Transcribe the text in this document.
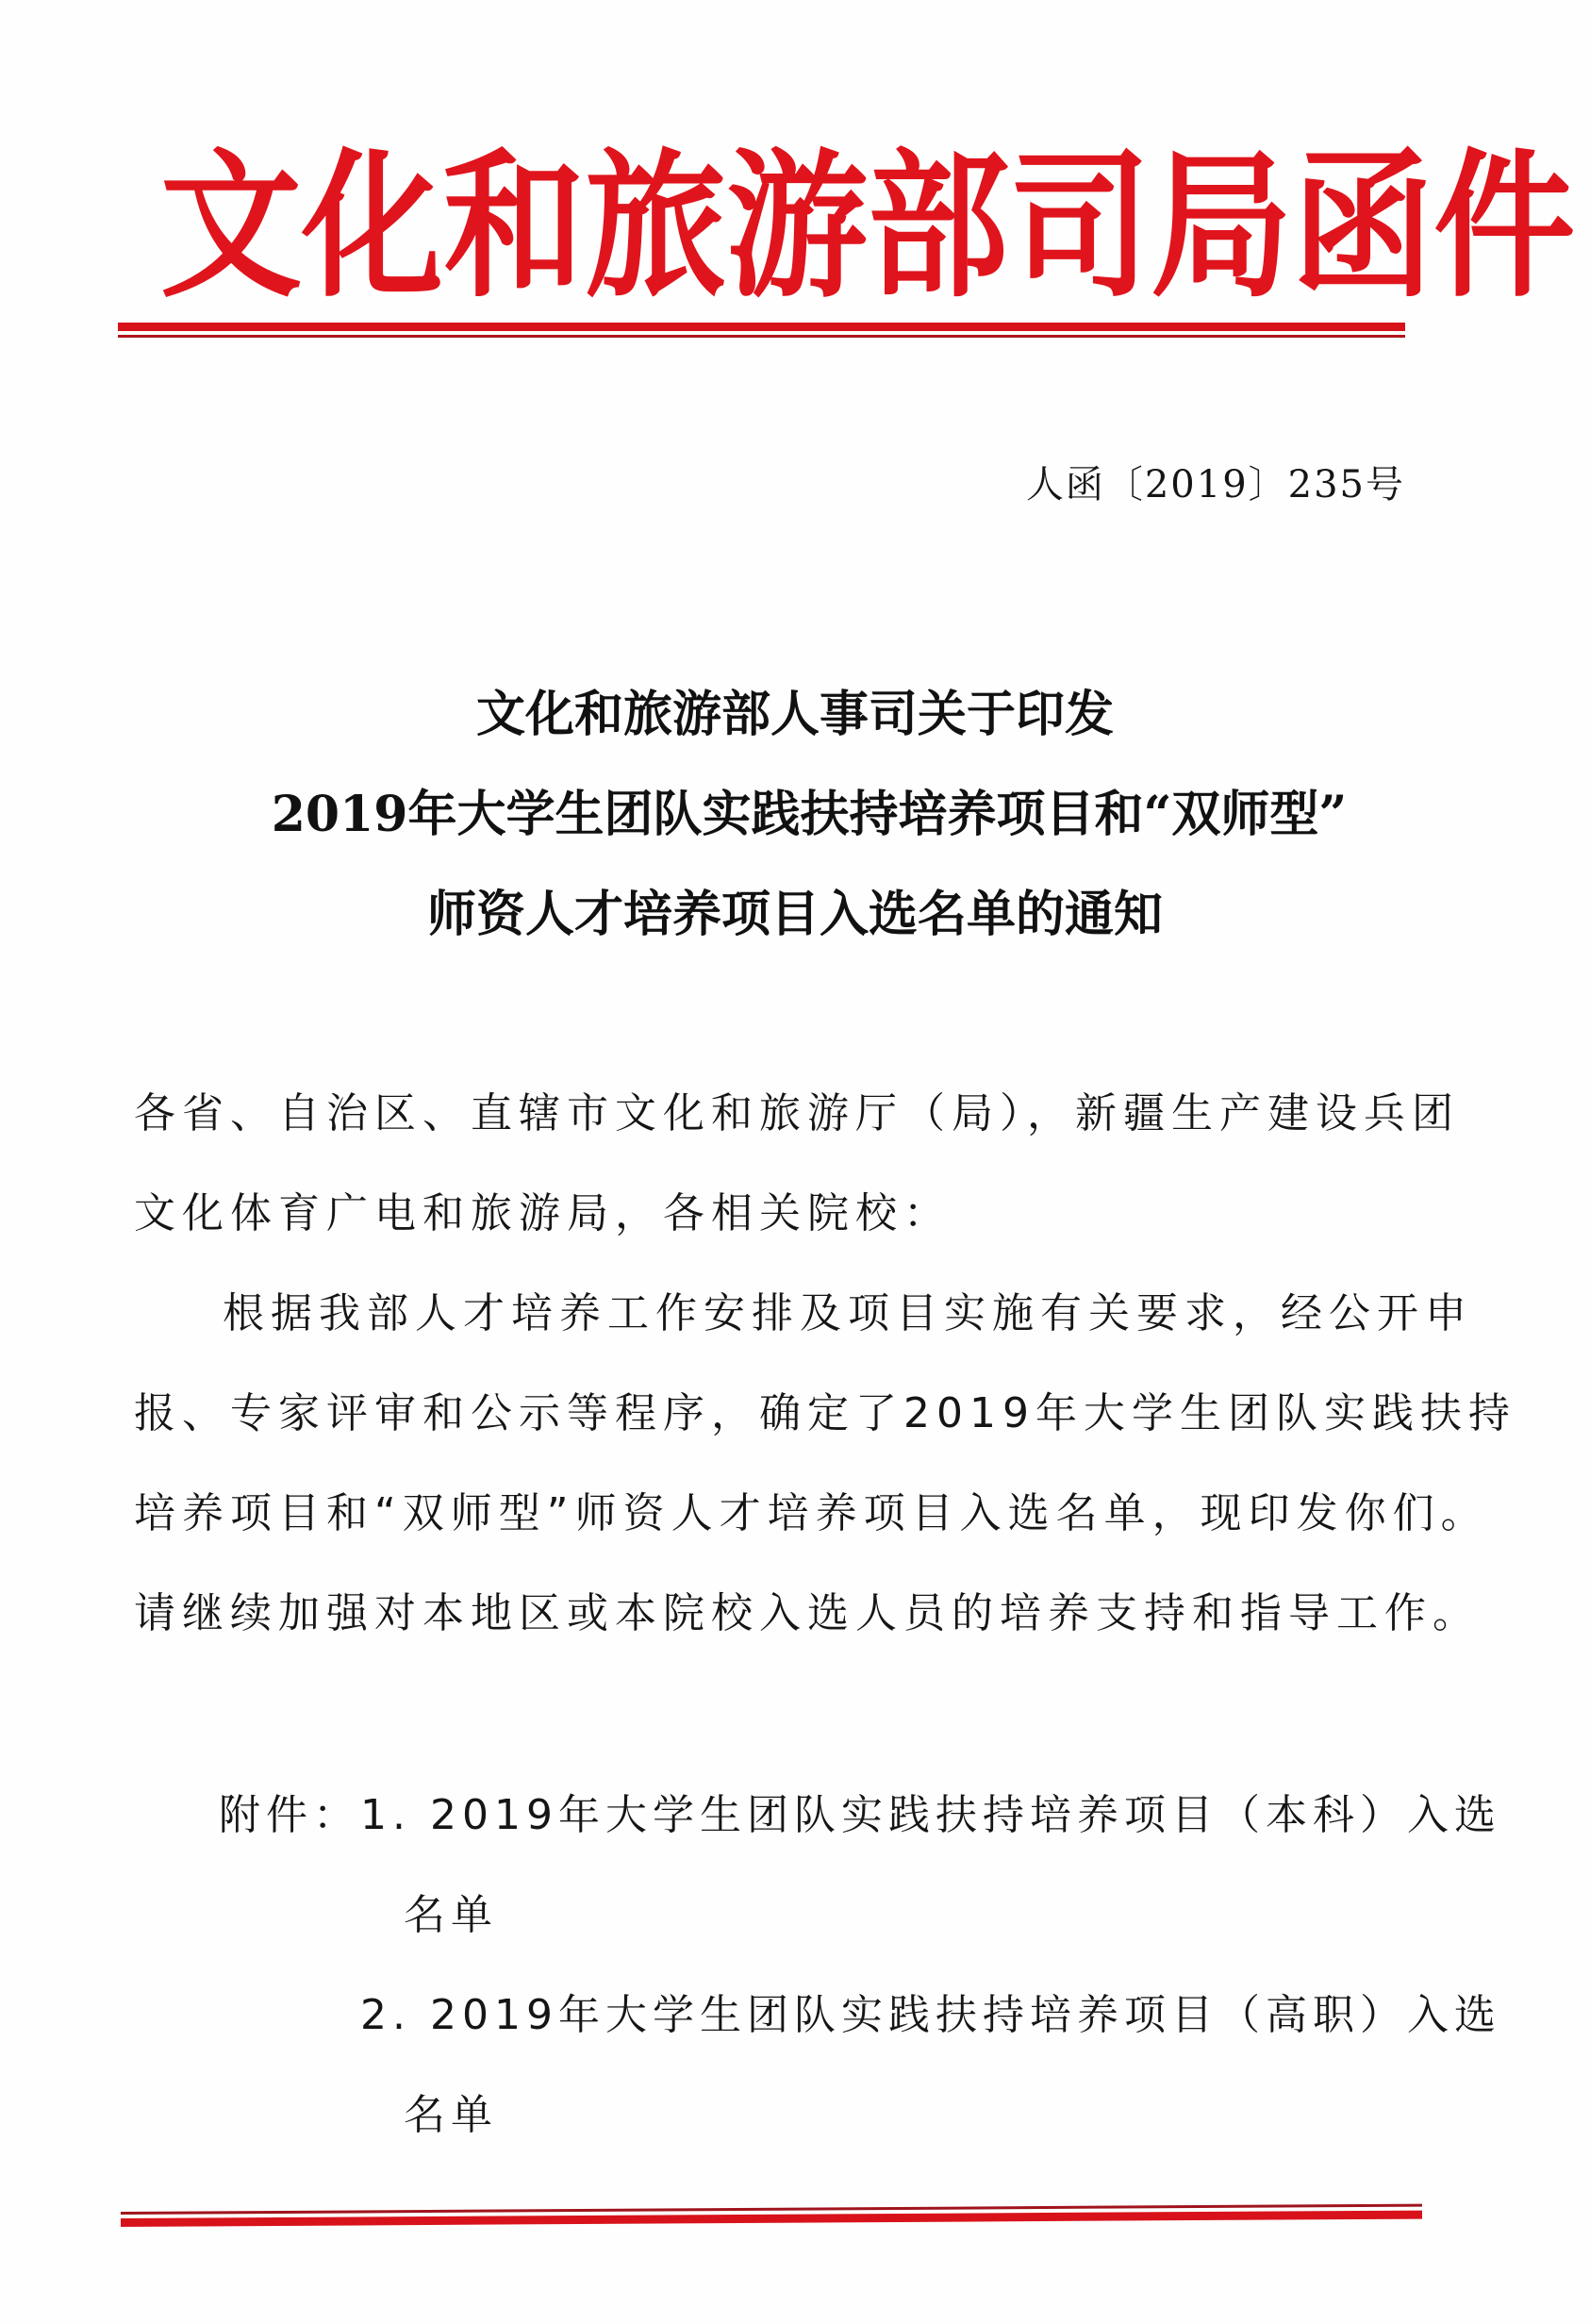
文 化 和 旅 游 部 司 局 函 件
人函〔2019〕235号
文化和旅游部人事司关于印发
2019年大学生团队实践扶持培养项目和“双师型”
师资人才培养项目入选名单的通知
各省、自治区、直辖市文化和旅游厅（局），新疆生产建设兵团
文化体育广电和旅游局，各相关院校：
根据我部人才培养工作安排及项目实施有关要求，经公开申
报、专家评审和公示等程序，确定了2019年大学生团队实践扶持
培养项目和“双师型”师资人才培养项目入选名单，现印发你们。
请继续加强对本地区或本院校入选人员的培养支持和指导工作。
附件：1. 2019年大学生团队实践扶持培养项目（本科）入选
名单
2. 2019年大学生团队实践扶持培养项目（高职）入选
名单
